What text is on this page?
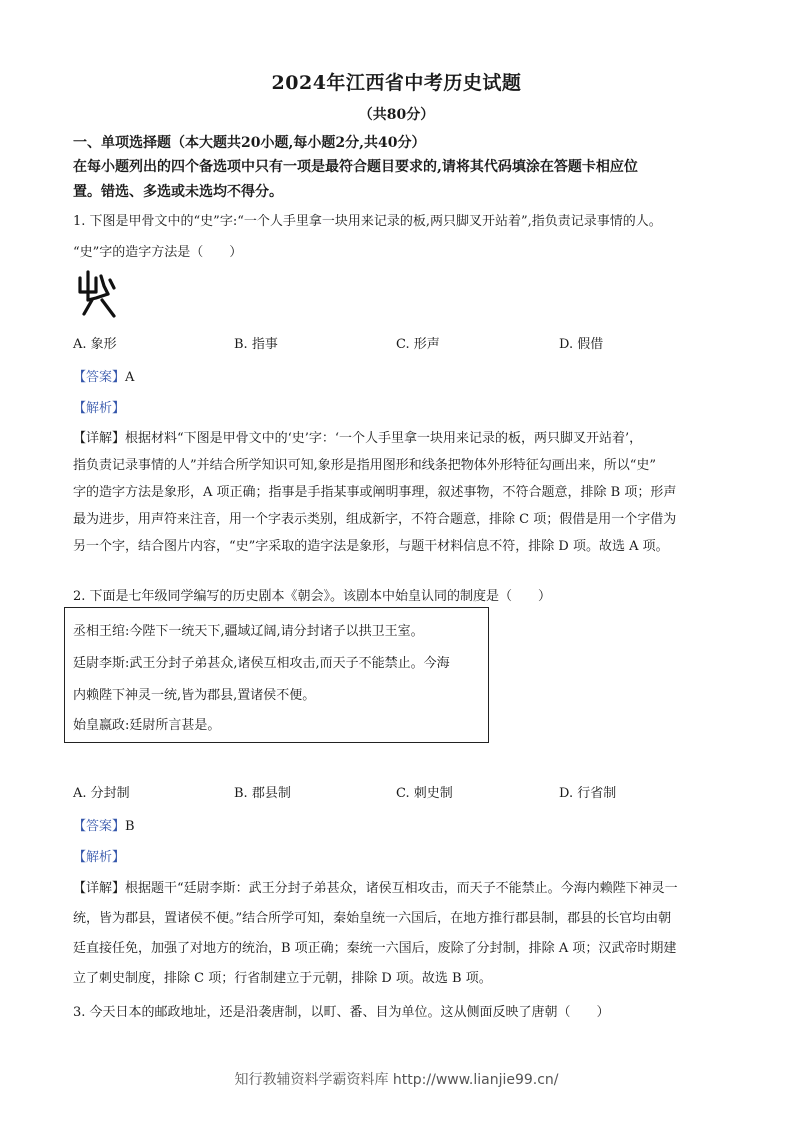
2024年江西省中考历史试题
（共80分）
一、单项选择题（本大题共20小题,每小题2分,共40分）
在每小题列出的四个备选项中只有一项是最符合题目要求的,请将其代码填涂在答题卡相应位
置。错选、多选或未选均不得分。
1. 下图是甲骨文中的“史”字:“一个人手里拿一块用来记录的板,两只脚叉开站着”,指负责记录事情的人。
“史”字的造字方法是（　　）
A. 象形	B. 指事	C. 形声	D. 假借
【答案】A
【解析】
【详解】根据材料“下图是甲骨文中的‘史’字：‘一个人手里拿一块用来记录的板，两只脚叉开站着’，
指负责记录事情的人”并结合所学知识可知,象形是指用图形和线条把物体外形特征勾画出来，所以“史”
字的造字方法是象形，A 项正确；指事是手指某事或阐明事理，叙述事物，不符合题意，排除 B 项；形声
最为进步，用声符来注音，用一个字表示类别，组成新字，不符合题意，排除 C 项；假借是用一个字借为
另一个字，结合图片内容，“史”字采取的造字法是象形，与题干材料信息不符，排除 D 项。故选 A 项。
2. 下面是七年级同学编写的历史剧本《朝会》。该剧本中始皇认同的制度是（　　）
丞相王绾:今陛下一统天下,疆域辽阔,请分封诸子以拱卫王室。
廷尉李斯:武王分封子弟甚众,诸侯互相攻击,而天子不能禁止。今海
内赖陛下神灵一统,皆为郡县,置诸侯不便。
始皇嬴政:廷尉所言甚是。
A. 分封制	B. 郡县制	C. 刺史制	D. 行省制
【答案】B
【解析】
【详解】根据题干“廷尉李斯：武王分封子弟甚众，诸侯互相攻击，而天子不能禁止。今海内赖陛下神灵一
统，皆为郡县，置诸侯不便。”结合所学可知，秦始皇统一六国后，在地方推行郡县制，郡县的长官均由朝
廷直接任免，加强了对地方的统治，B 项正确；秦统一六国后，废除了分封制，排除 A 项；汉武帝时期建
立了刺史制度，排除 C 项；行省制建立于元朝，排除 D 项。故选 B 项。
3. 今天日本的邮政地址，还是沿袭唐制，以町、番、目为单位。这从侧面反映了唐朝（　　）
知行教辅资料学霸资料库 http://www.lianjie99.cn/
